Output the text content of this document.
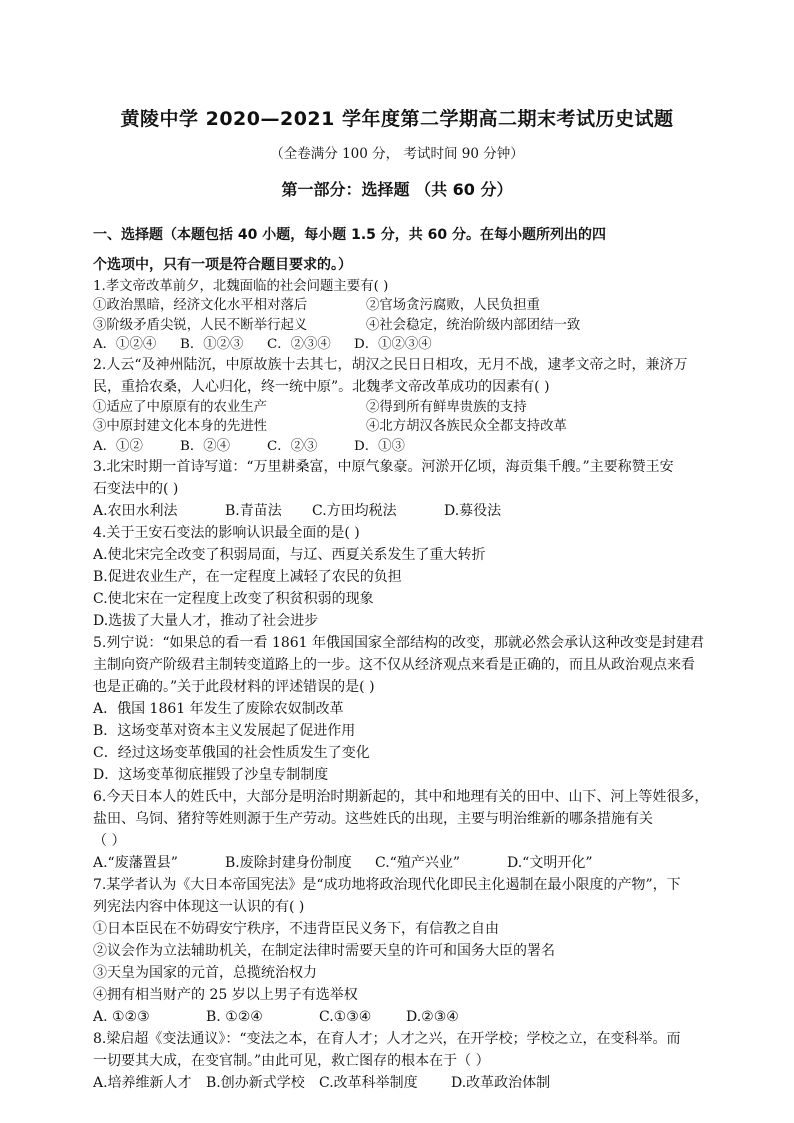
黄陵中学 2020—2021 学年度第二学期高二期末考试历史试题
（全卷满分 100 分， 考试时间 90 分钟）
第一部分：选择题 （共 60 分）
一、选择题（本题包括 40 小题，每小题 1.5 分，共 60 分。在每小题所列出的四
个选项中，只有一项是符合题目要求的。）
1.孝文帝改革前夕，北魏面临的社会问题主要有( )
①政治黑暗，经济文化水平相对落后	②官场贪污腐败，人民负担重
③阶级矛盾尖锐，人民不断举行起义	④社会稳定，统治阶级内部团结一致
A．①②④	B．①②③	C．②③④	D．①②③④
2.人云“及神州陆沉，中原故族十去其七，胡汉之民日日相攻，无月不战，逮孝文帝之时，兼济万
民，重拾农桑，人心归化，终一统中原”。北魏孝文帝改革成功的因素有( )
①适应了中原原有的农业生产	②得到所有鲜卑贵族的支持
③中原封建文化本身的先进性	④北方胡汉各族民众全都支持改革
A．①②	B．②④	C．②③	D．①③
3.北宋时期一首诗写道：“万里耕桑富，中原气象豪。河淤开亿顷，海贡集千艘。”主要称赞王安
石变法中的( )
A.农田水利法	B.青苗法	C.方田均税法	D.募役法
4.关于王安石变法的影响认识最全面的是( )
A.使北宋完全改变了积弱局面，与辽、西夏关系发生了重大转折
B.促进农业生产，在一定程度上减轻了农民的负担
C.使北宋在一定程度上改变了积贫积弱的现象
D.选拔了大量人才，推动了社会进步
5.列宁说：“如果总的看一看 1861 年俄国国家全部结构的改变，那就必然会承认这种改变是封建君
主制向资产阶级君主制转变道路上的一步。这不仅从经济观点来看是正确的，而且从政治观点来看
也是正确的。”关于此段材料的评述错误的是( )
A．俄国 1861 年发生了废除农奴制改革
B．这场变革对资本主义发展起了促进作用
C．经过这场变革俄国的社会性质发生了变化
D．这场变革彻底摧毁了沙皇专制制度
6.今天日本人的姓氏中，大部分是明治时期新起的，其中和地理有关的田中、山下、河上等姓很多，
盐田、乌饲、猪狩等姓则源于生产劳动。这些姓氏的出现，主要与明治维新的哪条措施有关
（ ）
A.“废藩置县”	B.废除封建身份制度	C.“殖产兴业”	D.“文明开化”
7.某学者认为《大日本帝国宪法》是“成功地将政治现代化即民主化遏制在最小限度的产物”，下
列宪法内容中体现这一认识的有( )
①日本臣民在不妨碍安宁秩序，不违背臣民义务下，有信教之自由
②议会作为立法辅助机关，在制定法律时需要天皇的许可和国务大臣的署名
③天皇为国家的元首，总揽统治权力
④拥有相当财产的 25 岁以上男子有选举权
A. ①②③	B. ①②④	C.①③④	D.②③④
8.梁启超《变法通议》：“变法之本，在育人才；人才之兴，在开学校；学校之立，在变科举。而
一切要其大成，在变官制。”由此可见，救亡图存的根本在于（ ）
A.培养维新人才	B.创办新式学校	C.改革科举制度	D.改革政治体制
